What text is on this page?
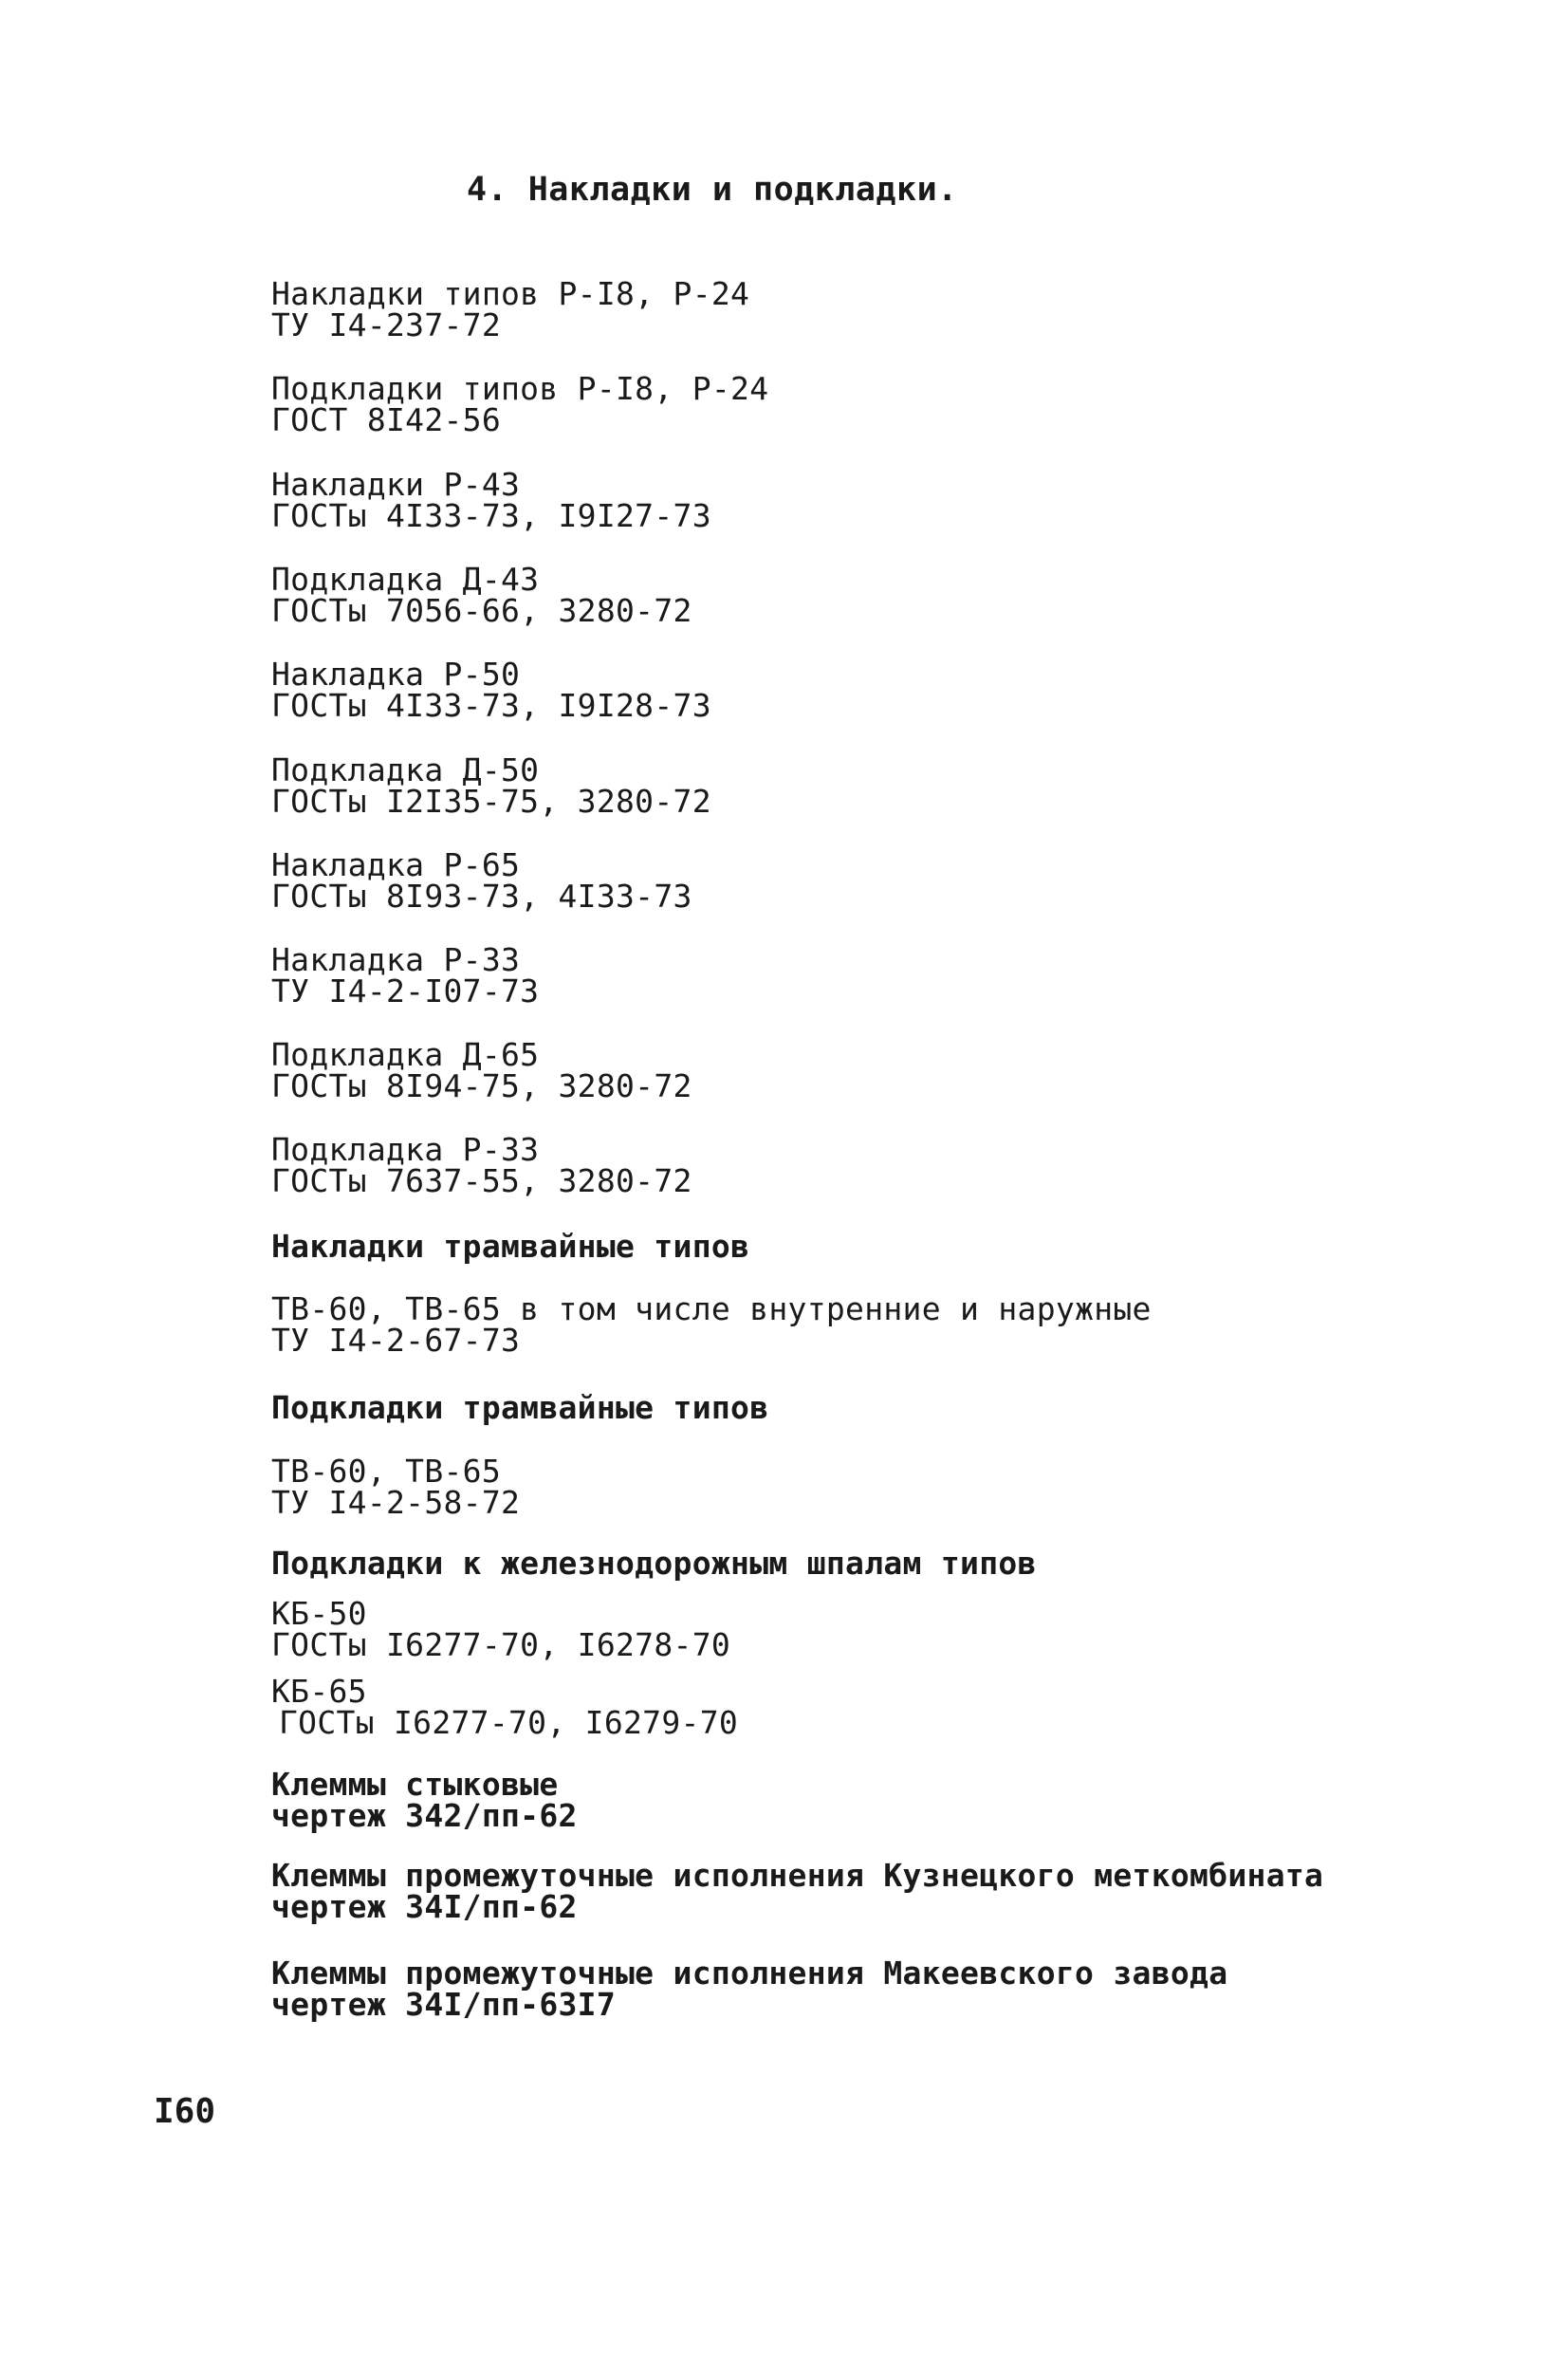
4. Накладки и подкладки.
Накладки типов P-I8, P-24
ТУ I4-237-72
Подкладки типов P-I8, P-24
ГОСТ 8I42-56
Накладки P-43
ГОСТы 4I33-73, I9I27-73
Подкладка Д-43
ГОСТы 7056-66, 3280-72
Накладка P-50
ГОСТы 4I33-73, I9I28-73
Подкладка Д-50
ГОСТы I2I35-75, 3280-72
Накладка P-65
ГОСТы 8I93-73, 4I33-73
Накладка P-33
ТУ I4-2-I07-73
Подкладка Д-65
ГОСТы 8I94-75, 3280-72
Подкладка P-33
ГОСТы 7637-55, 3280-72
Накладки трамвайные типов
ТВ-60, ТВ-65 в том числе внутренние и наружные
ТУ I4-2-67-73
Подкладки трамвайные типов
ТВ-60, ТВ-65
ТУ I4-2-58-72
Подкладки к железнодорожным шпалам типов
КБ-50
ГОСТы I6277-70, I6278-70
КБ-65
ГОСТы I6277-70, I6279-70
Клеммы стыковые
чертеж 342/пп-62
Клеммы промежуточные исполнения Кузнецкого меткомбината
чертеж 34I/пп-62
Клеммы промежуточные исполнения Макеевского завода
чертеж 34I/пп-63I7
I60
